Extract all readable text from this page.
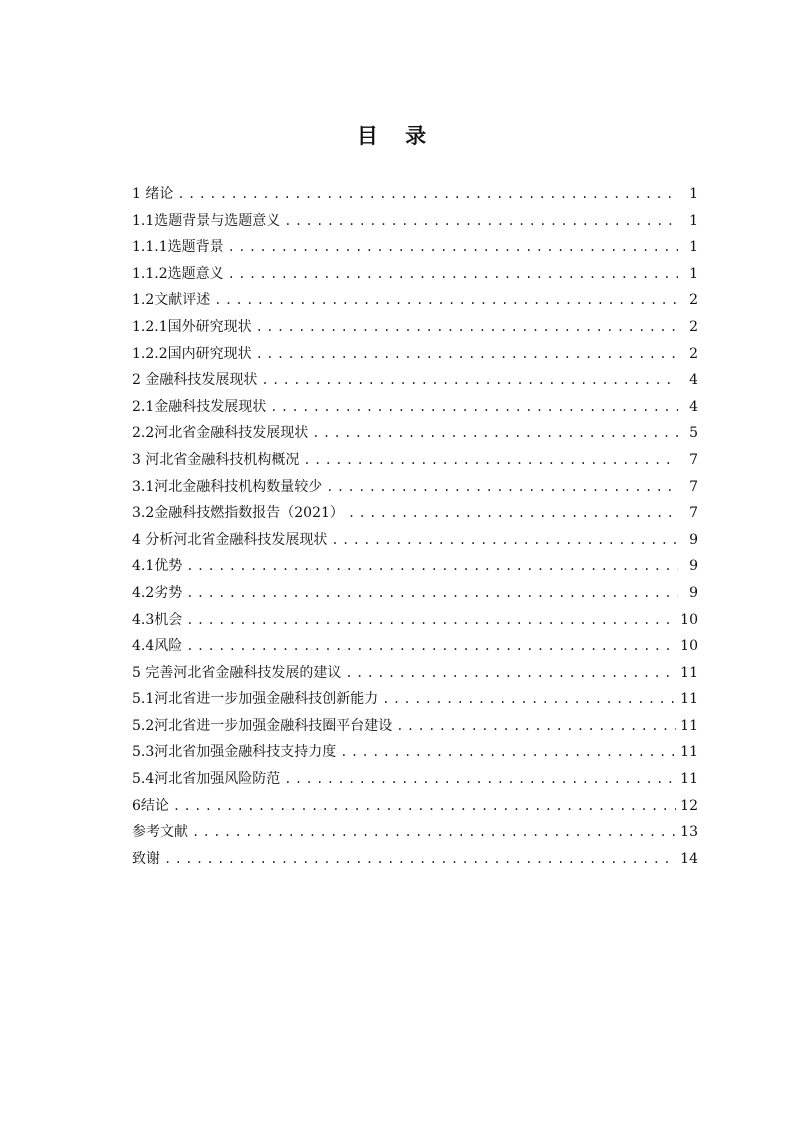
目 录
1 绪论 .....	1
1.1选题背景与选题意义 .....	1
1.1.1选题背景 .....	1
1.1.2选题意义 .....	1
1.2文献评述 .....	2
1.2.1国外研究现状 .....	2
1.2.2国内研究现状 .....	2
2 金融科技发展现状 .....	4
2.1金融科技发展现状 .....	4
2.2河北省金融科技发展现状 .....	5
3 河北省金融科技机构概况 .....	7
3.1河北金融科技机构数量较少 .....	7
3.2金融科技燃指数报告（2021） .....	7
4 分析河北省金融科技发展现状 .....	9
4.1优势 .....	9
4.2劣势 .....	9
4.3机会 .....	10
4.4风险 .....	10
5 完善河北省金融科技发展的建议 .....	11
5.1河北省进一步加强金融科技创新能力 .....	11
5.2河北省进一步加强金融科技圈平台建设 .....	11
5.3河北省加强金融科技支持力度 .....	11
5.4河北省加强风险防范 .....	11
6结论 .....	12
参考文献 .....	13
致谢 .....	14
